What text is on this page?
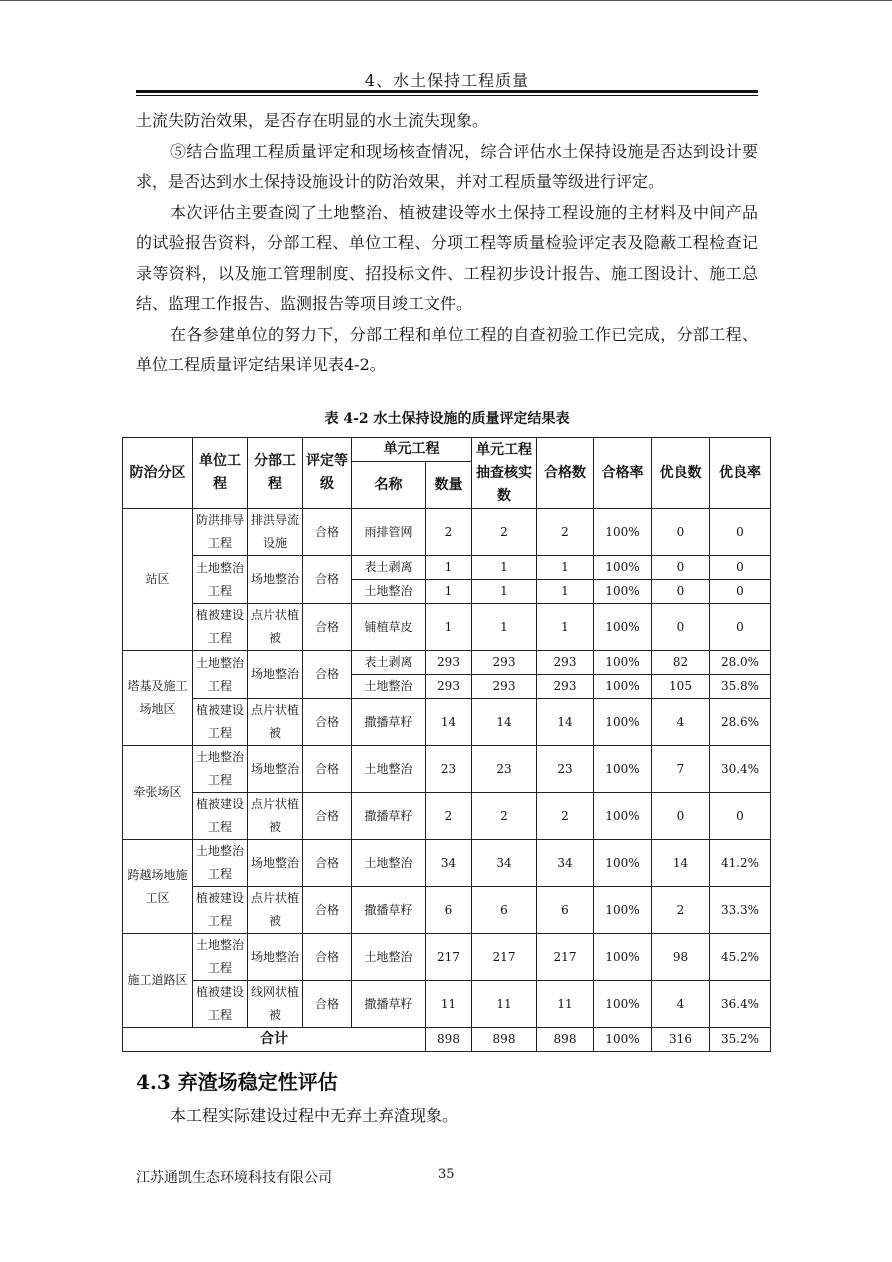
4、水土保持工程质量

土流失防治效果，是否存在明显的水土流失现象。

⑤结合监理工程质量评定和现场核查情况，综合评估水土保持设施是否达到设计要求，是否达到水土保持设施设计的防治效果，并对工程质量等级进行评定。

本次评估主要查阅了土地整治、植被建设等水土保持工程设施的主材料及中间产品的试验报告资料，分部工程、单位工程、分项工程等质量检验评定表及隐蔽工程检查记录等资料，以及施工管理制度、招投标文件、工程初步设计报告、施工图设计、施工总结、监理工作报告、监测报告等项目竣工文件。

在各参建单位的努力下，分部工程和单位工程的自查初验工作已完成，分部工程、单位工程质量评定结果详见表4-2。

表 4-2 水土保持设施的质量评定结果表
防治分区	单位工程	分部工程	评定等级	单元工程		单元工程抽查核实数	合格数	合格率	优良数	优良率
				名称	数量					
站区	防洪排导工程	排洪导流设施	合格	雨排管网	2	2	2	100%	0	0
	土地整治工程	场地整治	合格	表土剥离	1	1	1	100%	0	0
				土地整治	1	1	1	100%	0	0
	植被建设工程	点片状植被	合格	铺植草皮	1	1	1	100%	0	0
塔基及施工场地区	土地整治工程	场地整治	合格	表土剥离	293	293	293	100%	82	28.0%
				土地整治	293	293	293	100%	105	35.8%
	植被建设工程	点片状植被	合格	撒播草籽	14	14	14	100%	4	28.6%
牵张场区	土地整治工程	场地整治	合格	土地整治	23	23	23	100%	7	30.4%
	植被建设工程	点片状植被	合格	撒播草籽	2	2	2	100%	0	0
跨越场地施工区	土地整治工程	场地整治	合格	土地整治	34	34	34	100%	14	41.2%
	植被建设工程	点片状植被	合格	撒播草籽	6	6	6	100%	2	33.3%
施工道路区	土地整治工程	场地整治	合格	土地整治	217	217	217	100%	98	45.2%
	植被建设工程	线网状植被	合格	撒播草籽	11	11	11	100%	4	36.4%
合计					898	898	898	100%	316	35.2%
4.3 弃渣场稳定性评估
本工程实际建设过程中无弃土弃渣现象。
江苏通凯生态环境科技有限公司	35
